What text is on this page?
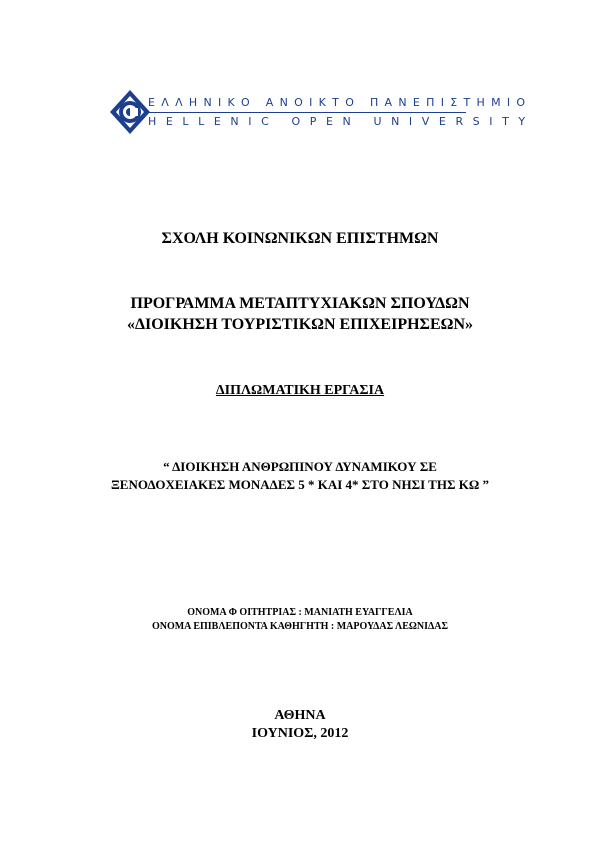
ΕΛΛΗΝΙΚΟ ΑΝΟΙΚΤΟ ΠΑΝΕΠΙΣΤΗΜΙΟ
HELLENIC OPEN UNIVERSITY
ΣΧΟΛΗ ΚΟΙΝΩΝΙΚΩΝ ΕΠΙΣΤΗΜΩΝ
ΠΡΟΓΡΑΜΜΑ ΜΕΤΑΠΤΥΧΙΑΚΩΝ ΣΠΟΥΔΩΝ
«ΔΙΟΙΚΗΣΗ ΤΟΥΡΙΣΤΙΚΩΝ ΕΠΙΧΕΙΡΗΣΕΩΝ»
ΔΙΠΛΩΜΑΤΙΚΗ ΕΡΓΑΣΙΑ
“ ΔΙΟΙΚΗΣΗ ΑΝΘΡΩΠΙΝΟΥ ΔΥΝΑΜΙΚΟΥ ΣΕ
ΞΕΝΟΔΟΧΕΙΑΚΕΣ ΜΟΝΑΔΕΣ 5 * ΚΑΙ 4* ΣΤΟ ΝΗΣΙ ΤΗΣ ΚΩ ”
ΟΝΟΜΑ Φ ΟΙΤΗΤΡΙΑΣ : ΜΑΝΙΑΤΗ ΕΥΑΓΓΕΛΙΑ
ΟΝΟΜΑ ΕΠΙΒΛΕΠΟΝΤΑ ΚΑΘΗΓΗΤΗ : ΜΑΡΟΥΔΑΣ ΛΕΩΝΙΔΑΣ
ΑΘΗΝΑ
ΙΟΥΝΙΟΣ, 2012
